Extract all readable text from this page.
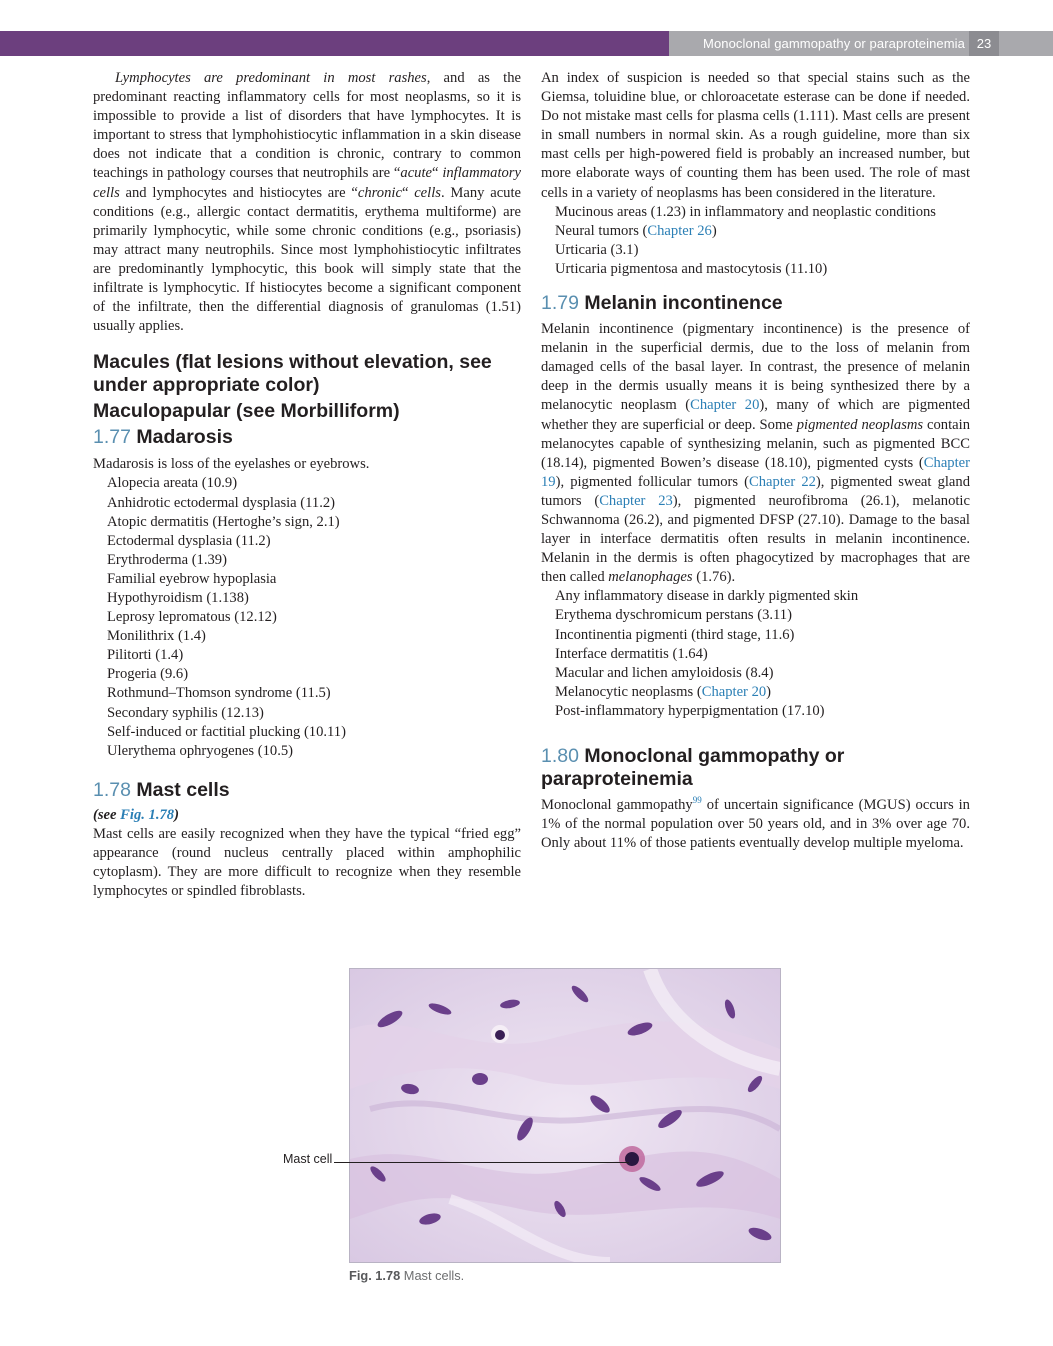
Monoclonal gammopathy or paraproteinemia 23

Lymphocytes are predominant in most rashes, and as the predominant reacting inflammatory cells for most neoplasms, so it is impossible to provide a list of disorders that have lymphocytes. It is important to stress that lymphohistiocytic inflammation in a skin disease does not indicate that a condition is chronic, contrary to common teachings in pathology courses that neutrophils are “acute“ inflammatory cells and lymphocytes and histiocytes are “chronic“ cells. Many acute conditions (e.g., allergic contact dermatitis, erythema multiforme) are primarily lymphocytic, while some chronic conditions (e.g., psoriasis) may attract many neutrophils. Since most lymphohistiocytic infiltrates are predominantly lymphocytic, this book will simply state that the infiltrate is lymphocytic. If histiocytes become a significant component of the infiltrate, then the differential diagnosis of granulomas (1.51) usually applies.

Macules (flat lesions without elevation, see under appropriate color)
Maculopapular (see Morbilliform)
1.77 Madarosis

Madarosis is loss of the eyelashes or eyebrows.

Alopecia areata (10.9)
Anhidrotic ectodermal dysplasia (11.2)
Atopic dermatitis (Hertoghe’s sign, 2.1)
Ectodermal dysplasia (11.2)
Erythroderma (1.39)
Familial eyebrow hypoplasia
Hypothyroidism (1.138)
Leprosy lepromatous (12.12)
Monilithrix (1.4)
Pilitorti (1.4)
Progeria (9.6)
Rothmund–Thomson syndrome (11.5)
Secondary syphilis (12.13)
Self-induced or factitial plucking (10.11)
Ulerythema ophryogenes (10.5)
1.78 Mast cells

(see Fig. 1.78)

Mast cells are easily recognized when they have the typical “fried egg” appearance (round nucleus centrally placed within amphophilic cytoplasm). They are more difficult to recognize when they resemble lymphocytes or spindled fibroblasts.

An index of suspicion is needed so that special stains such as the Giemsa, toluidine blue, or chloroacetate esterase can be done if needed. Do not mistake mast cells for plasma cells (1.111). Mast cells are present in small numbers in normal skin. As a rough guideline, more than six mast cells per high-powered field is probably an increased number, but more elaborate ways of counting them has been used. The role of mast cells in a variety of neoplasms has been considered in the literature.

Mucinous areas (1.23) in inflammatory and neoplastic conditions
Neural tumors (Chapter 26)
Urticaria (3.1)
Urticaria pigmentosa and mastocytosis (11.10)
1.79 Melanin incontinence

Melanin incontinence (pigmentary incontinence) is the presence of melanin in the superficial dermis, due to the loss of melanin from damaged cells of the basal layer. In contrast, the presence of melanin deep in the dermis usually means it is being synthesized there by a melanocytic neoplasm (Chapter 20), many of which are pigmented whether they are superficial or deep. Some pigmented neoplasms contain melanocytes capable of synthesizing melanin, such as pigmented BCC (18.14), pigmented Bowen’s disease (18.10), pigmented cysts (Chapter 19), pigmented follicular tumors (Chapter 22), pigmented sweat gland tumors (Chapter 23), pigmented neurofibroma (26.1), melanotic Schwannoma (26.2), and pigmented DFSP (27.10). Damage to the basal layer in interface dermatitis often results in melanin incontinence. Melanin in the dermis is often phagocytized by macrophages that are then called melanophages (1.76).

Any inflammatory disease in darkly pigmented skin
Erythema dyschromicum perstans (3.11)
Incontinentia pigmenti (third stage, 11.6)
Interface dermatitis (1.64)
Macular and lichen amyloidosis (8.4)
Melanocytic neoplasms (Chapter 20)
Post-inflammatory hyperpigmentation (17.10)
1.80 Monoclonal gammopathy or paraproteinemia

Monoclonal gammopathy$^{99}$ of uncertain significance (MGUS) occurs in 1% of the normal population over 50 years old, and in 3% over age 70. Only about 11% of those patients eventually develop multiple myeloma.

Mast cell
Fig. 1.78 Mast cells.
